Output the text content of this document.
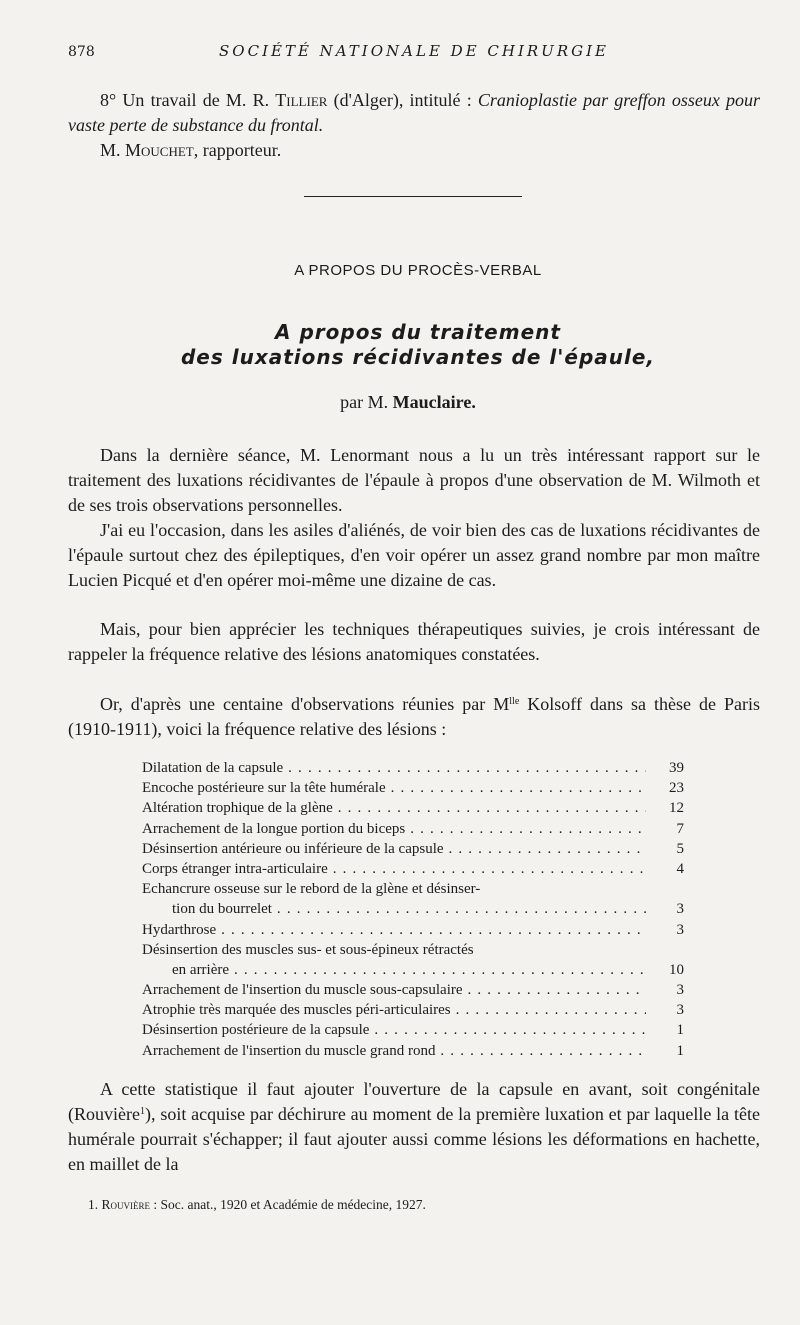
878	SOCIÉTÉ NATIONALE DE CHIRURGIE
8° Un travail de M. R. Tillier (d'Alger), intitulé : Cranioplastie par greffon osseux pour vaste perte de substance du frontal.
M. Mouchet, rapporteur.
A PROPOS DU PROCÈS-VERBAL
A propos du traitement
des luxations récidivantes de l'épaule,
par M. Mauclaire.
Dans la dernière séance, M. Lenormant nous a lu un très intéressant rapport sur le traitement des luxations récidivantes de l'épaule à propos d'une observation de M. Wilmoth et de ses trois observations personnelles.
J'ai eu l'occasion, dans les asiles d'aliénés, de voir bien des cas de luxations récidivantes de l'épaule surtout chez des épileptiques, d'en voir opérer un assez grand nombre par mon maître Lucien Picqué et d'en opérer moi-même une dizaine de cas.
Mais, pour bien apprécier les techniques thérapeutiques suivies, je crois intéressant de rappeler la fréquence relative des lésions anatomiques constatées.
Or, d'après une centaine d'observations réunies par $M^{lle}$ Kolsoff dans sa thèse de Paris (1910-1911), voici la fréquence relative des lésions :
Dilatation de la capsule . . .	39
Encoche postérieure sur la tête humérale . . .	23
Altération trophique de la glène . . .	12
Arrachement de la longue portion du biceps . . .	7
Désinsertion antérieure ou inférieure de la capsule . . .	5
Corps étranger intra-articulaire . . .	4
Echancrure osseuse sur le rebord de la glène et désinser-
tion du bourrelet . . .	3
Hydarthrose . . .	3
Désinsertion des muscles sus- et sous-épineux rétractés
en arrière . . .	10
Arrachement de l'insertion du muscle sous-capsulaire . . .	3
Atrophie très marquée des muscles péri-articulaires . . .	3
Désinsertion postérieure de la capsule . . .	1
Arrachement de l'insertion du muscle grand rond . . .	1
A cette statistique il faut ajouter l'ouverture de la capsule en avant, soit congénitale (Rouvière$^1$), soit acquise par déchirure au moment de la première luxation et par laquelle la tête humérale pourrait s'échapper; il faut ajouter aussi comme lésions les déformations en hachette, en maillet de la
1. Rouvière : Soc. anat., 1920 et Académie de médecine, 1927.
